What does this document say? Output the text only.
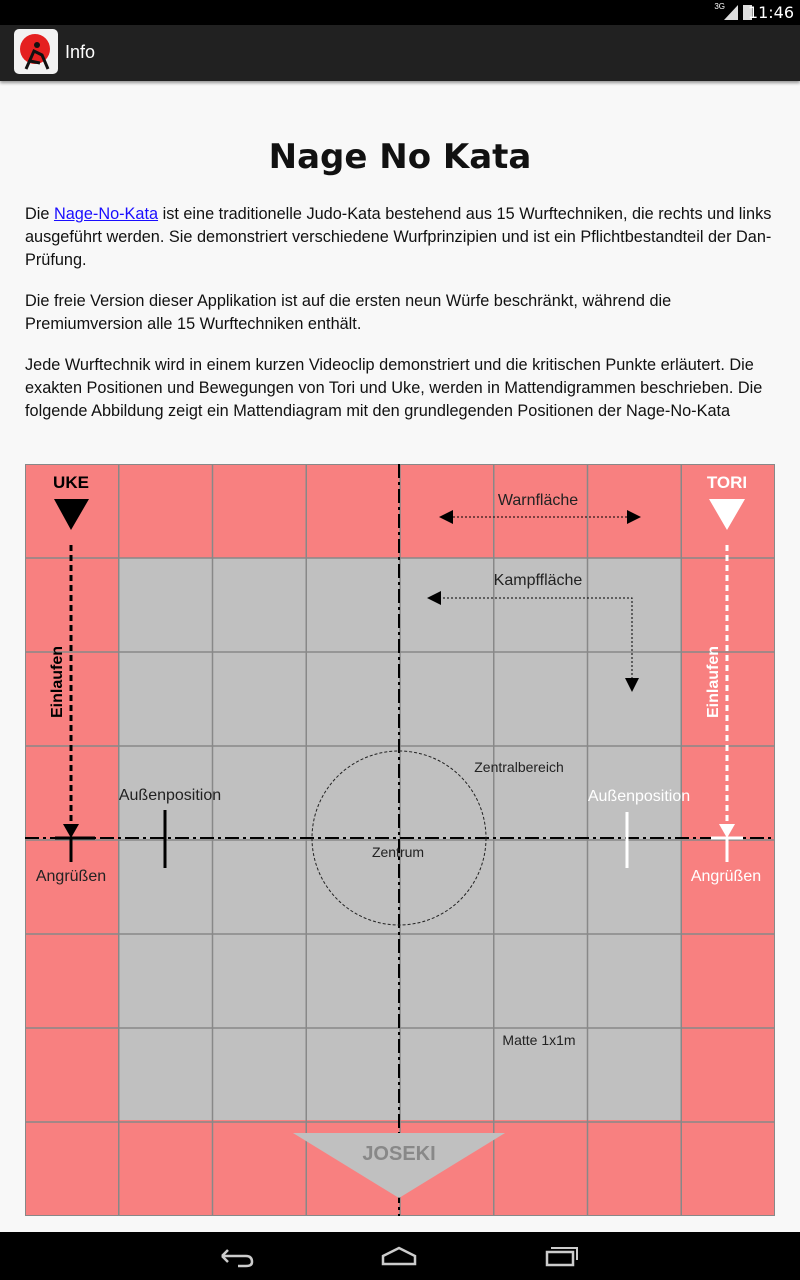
3G 11:46
Info
Nage No Kata

Die Nage-No-Kata ist eine traditionelle Judo-Kata bestehend aus 15 Wurftechniken, die rechts und links ausgeführt werden. Sie demonstriert verschiedene Wurfprinzipien und ist ein Pflichtbestandteil der Dan-Prüfung.

Die freie Version dieser Applikation ist auf die ersten neun Würfe beschränkt, während die Premiumversion alle 15 Wurftechniken enthält.

Jede Wurftechnik wird in einem kurzen Videoclip demonstriert und die kritischen Punkte erläutert. Die exakten Positionen und Bewegungen von Tori und Uke, werden in Mattendigrammen beschrieben. Die folgende Abbildung zeigt ein Mattendiagram mit den grundlegenden Positionen der Nage-No-Kata

UKE
Einlaufen
Angrüßen
Außenposition
TORI
Einlaufen
Angrüßen
Außenposition
Warnfläche
Kampffläche
Zentralbereich
Zentrum
Matte 1x1m
JOSEKI
